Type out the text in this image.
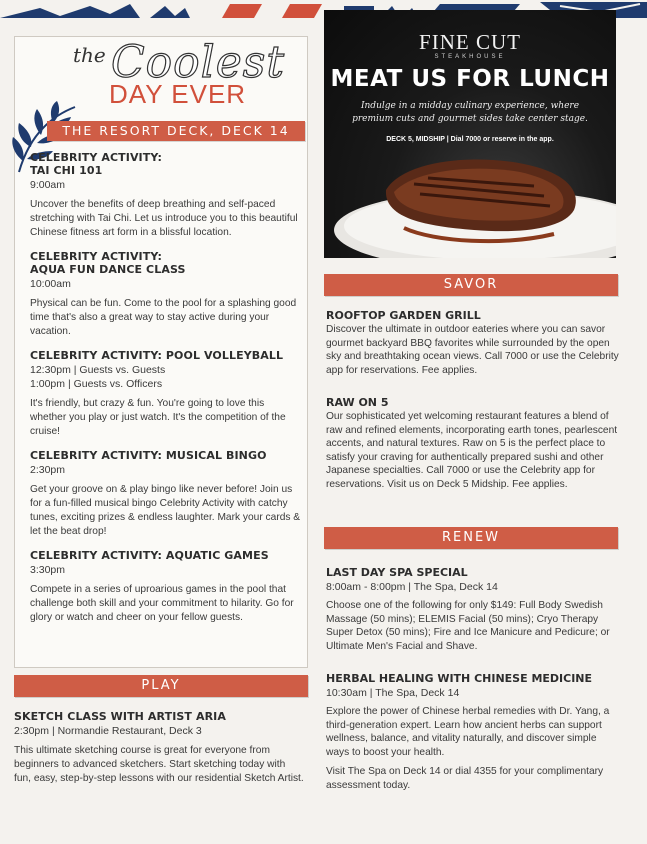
the Coolest
DAY EVER
THE RESORT DECK, DECK 14
CELEBRITY ACTIVITY:
TAI CHI 101
9:00am
Uncover the benefits of deep breathing and self-paced stretching with Tai Chi. Let us introduce you to this beautiful Chinese fitness art form in a blissful location.
CELEBRITY ACTIVITY:
AQUA FUN DANCE CLASS
10:00am
Physical can be fun. Come to the pool for a splashing good time that's also a great way to stay active during your vacation.
CELEBRITY ACTIVITY: POOL VOLLEYBALL
12:30pm | Guests vs. Guests
1:00pm | Guests vs. Officers
It's friendly, but crazy & fun. You're going to love this whether you play or just watch. It's the competition of the cruise!
CELEBRITY ACTIVITY: MUSICAL BINGO
2:30pm
Get your groove on & play bingo like never before! Join us for a fun-filled musical bingo Celebrity Activity with catchy tunes, exciting prizes & endless laughter. Mark your cards & let the beat drop!
CELEBRITY ACTIVITY: AQUATIC GAMES
3:30pm
Compete in a series of uproarious games in the pool that challenge both skill and your commitment to hilarity. Go for glory or watch and cheer on your fellow guests.
PLAY
SKETCH CLASS WITH ARTIST ARIA
2:30pm | Normandie Restaurant, Deck 3
This ultimate sketching course is great for everyone from beginners to advanced sketchers. Start sketching today with fun, easy, step-by-step lessons with our residential Sketch Artist.
FINE CUT
STEAKHOUSE
MEAT US FOR LUNCH
Indulge in a midday culinary experience, where premium cuts and gourmet sides take center stage.
DECK 5, MIDSHIP | Dial 7000 or reserve in the app.
SAVOR
ROOFTOP GARDEN GRILL
Discover the ultimate in outdoor eateries where you can savor gourmet backyard BBQ favorites while surrounded by the open sky and breathtaking ocean views. Call 7000 or use the Celebrity app for reservations. Fee applies.
RAW ON 5
Our sophisticated yet welcoming restaurant features a blend of raw and refined elements, incorporating earth tones, pearlescent accents, and natural textures. Raw on 5 is the perfect place to satisfy your craving for authentically prepared sushi and other Japanese specialties. Call 7000 or use the Celebrity app for reservations. Visit us on Deck 5 Midship. Fee applies.
RENEW
LAST DAY SPA SPECIAL
8:00am - 8:00pm | The Spa, Deck 14
Choose one of the following for only $149: Full Body Swedish Massage (50 mins); ELEMIS Facial (50 mins); Cryo Therapy Super Detox (50 mins); Fire and Ice Manicure and Pedicure; or Ultimate Men's Facial and Shave.
HERBAL HEALING WITH CHINESE MEDICINE
10:30am | The Spa, Deck 14
Explore the power of Chinese herbal remedies with Dr. Yang, a third-generation expert. Learn how ancient herbs can support wellness, balance, and vitality naturally, and discover simple ways to boost your health.
Visit The Spa on Deck 14 or dial 4355 for your complimentary assessment today.
